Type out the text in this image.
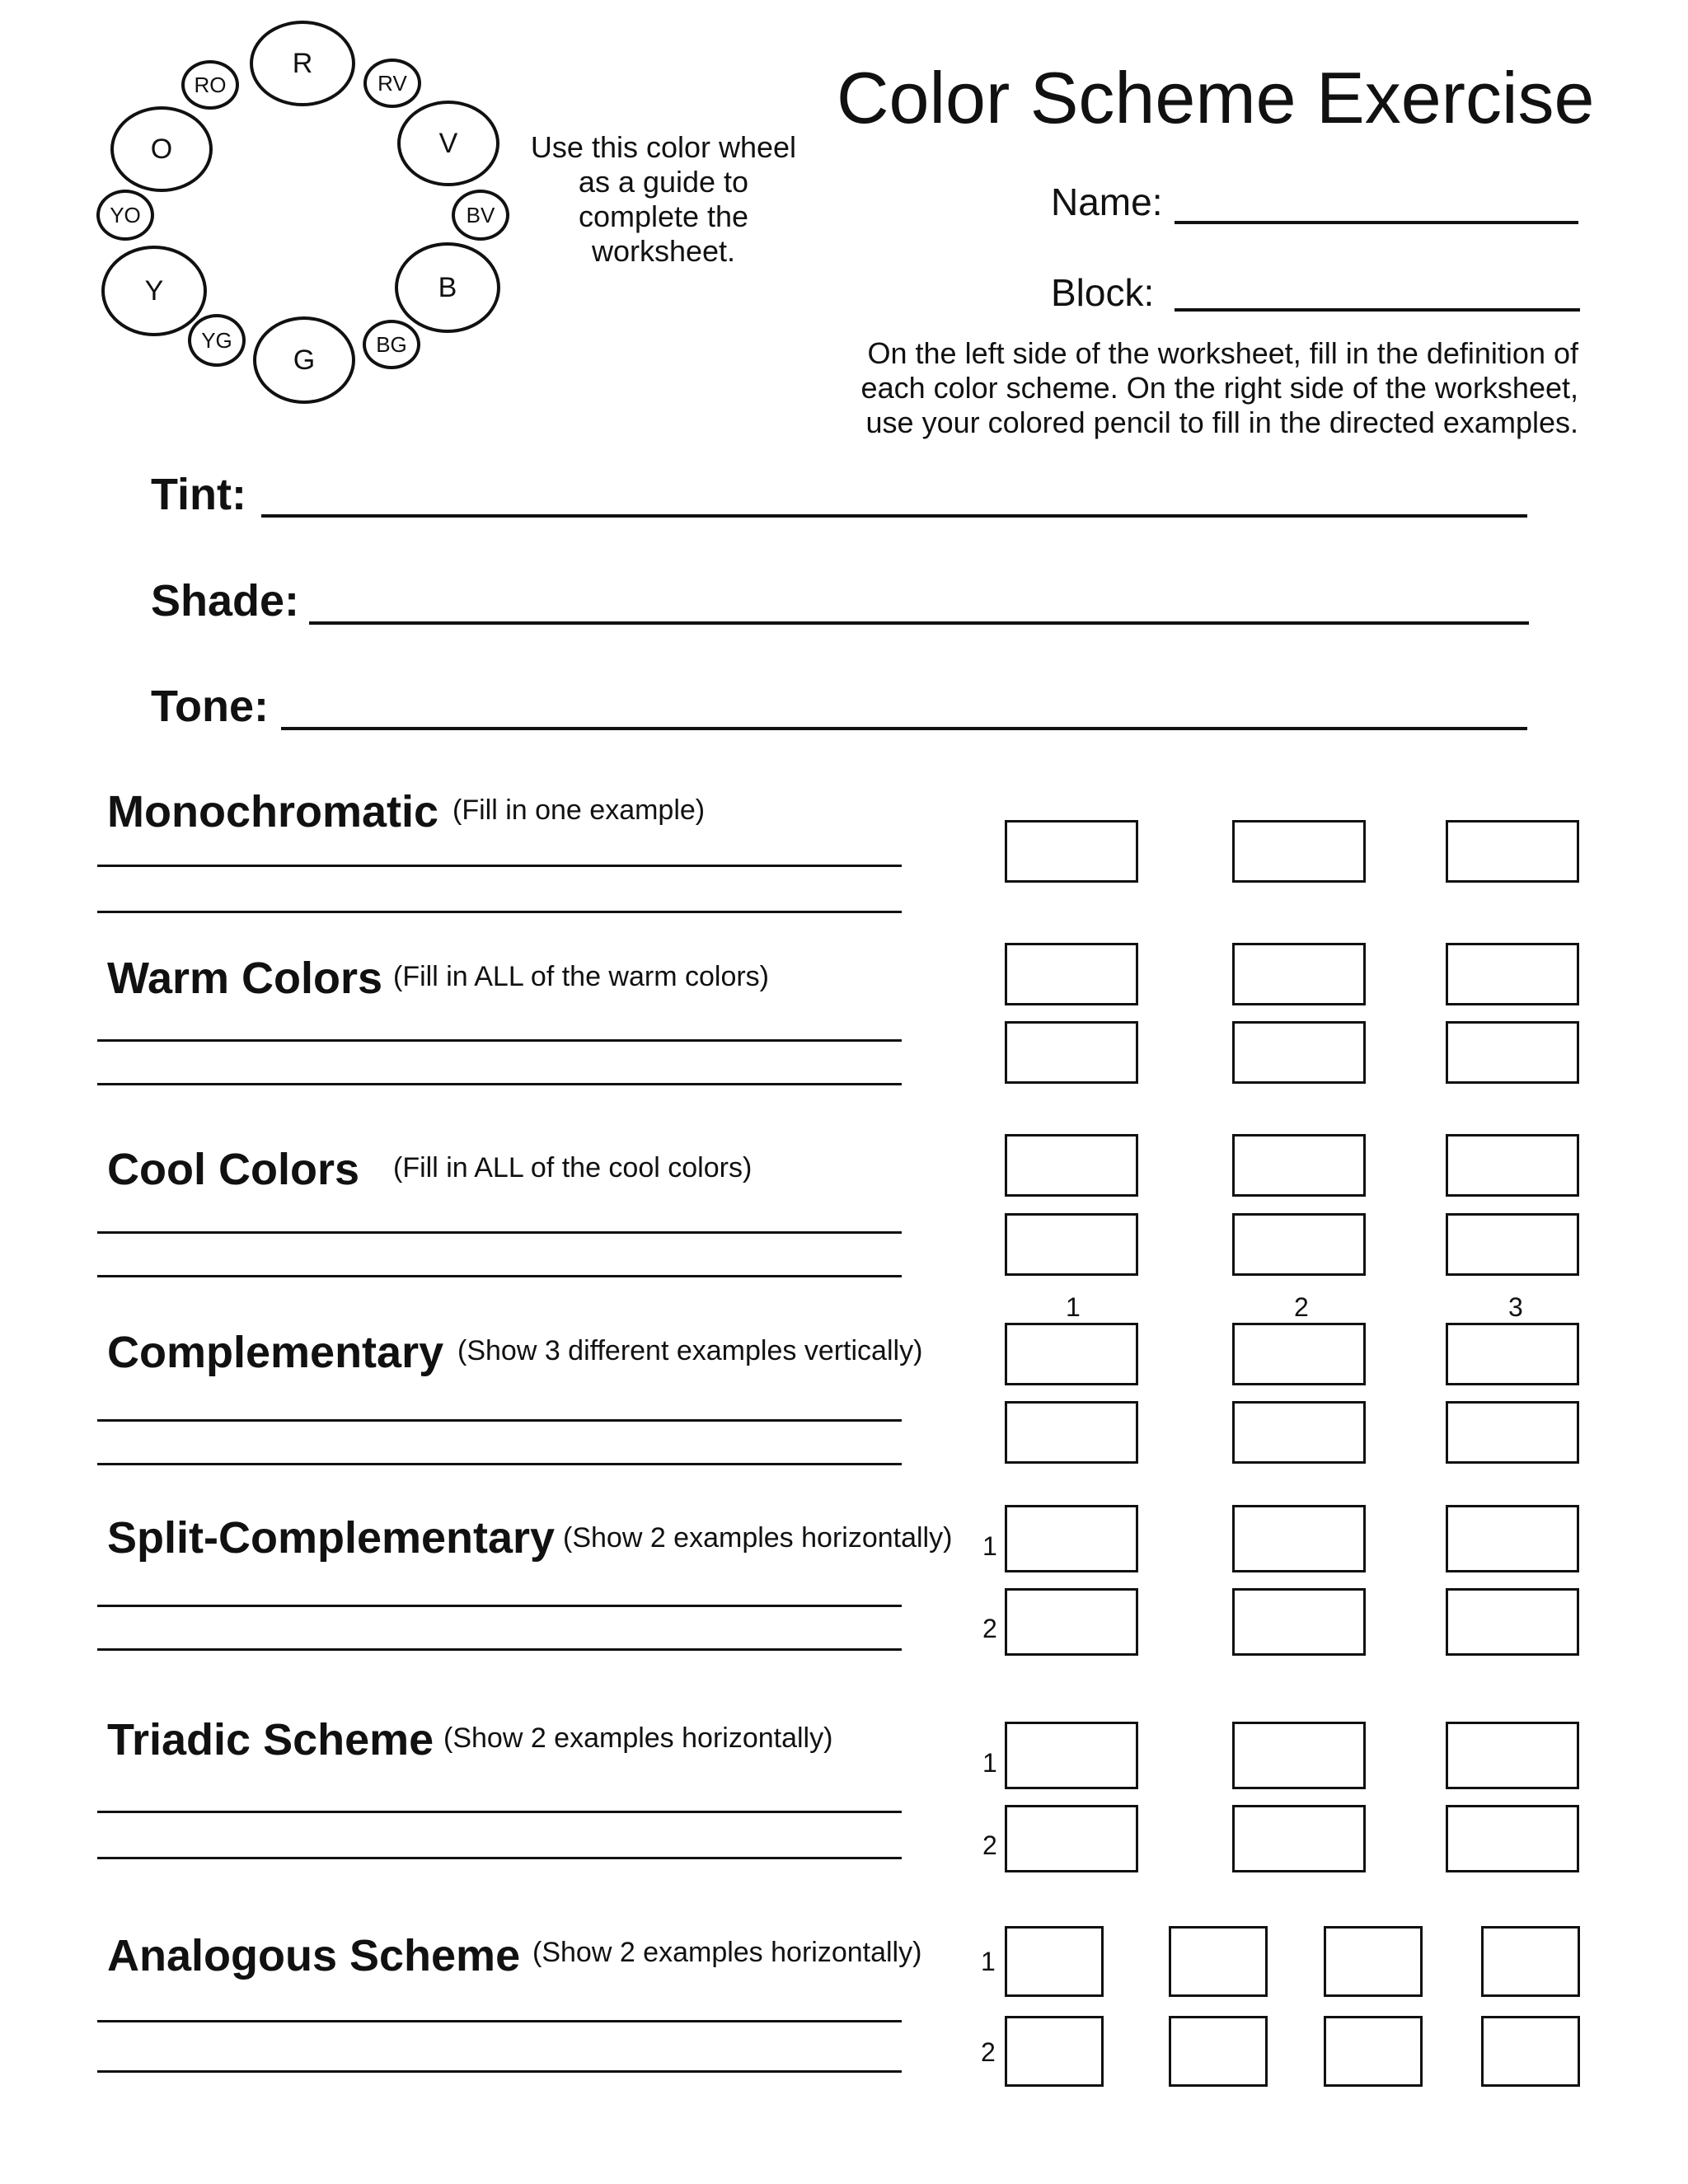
R
V
B
G
Y
O
RV
BV
BG
YG
YO
RO
Use this color wheel as a guide to complete the worksheet.
Color Scheme Exercise
Name:
Block:
On the left side of the worksheet, fill in the definition of each color scheme. On the right side of the worksheet, use your colored pencil to fill in the directed examples.
Tint:
Shade:
Tone:
Monochromatic (Fill in one example)
Warm Colors (Fill in ALL of the warm colors)
Cool Colors (Fill in ALL of the cool colors)
1	2	3
Complementary (Show 3 different examples vertically)
Split-Complementary (Show 2 examples horizontally) 1
2
Triadic Scheme (Show 2 examples horizontally)
1
2
Analogous Scheme (Show 2 examples horizontally) 1
2
